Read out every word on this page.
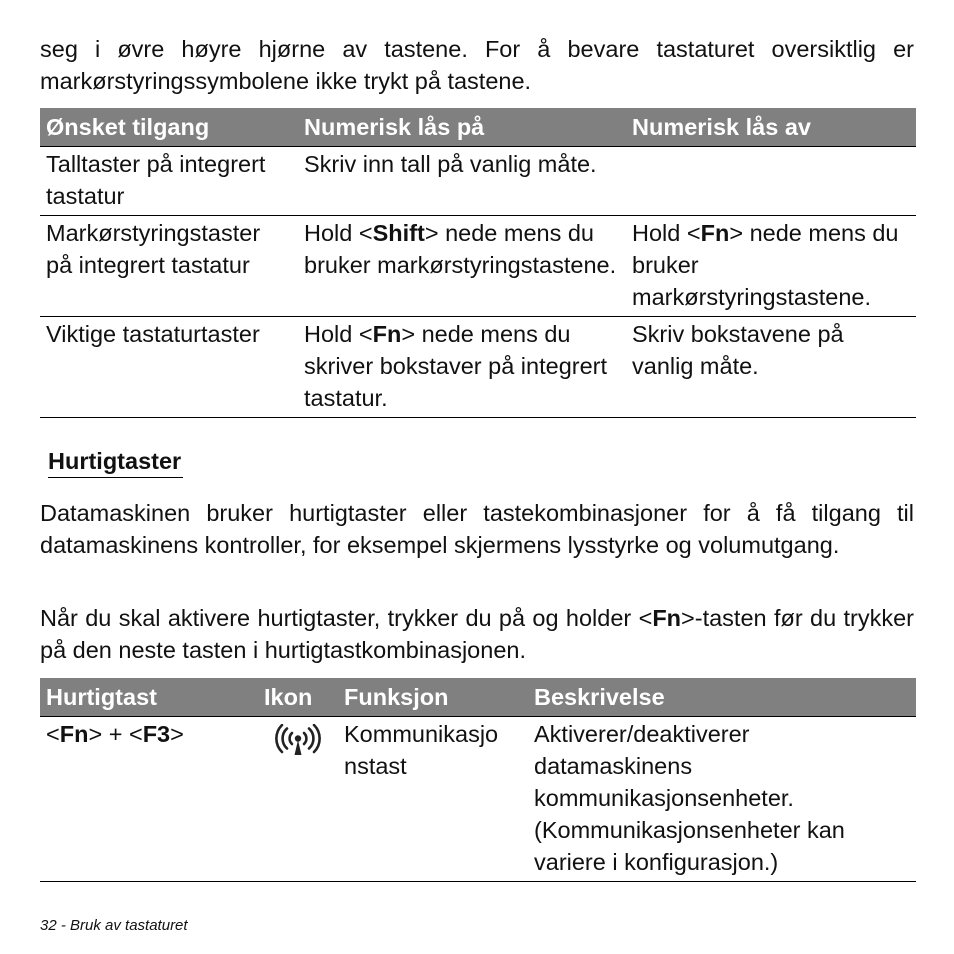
seg i øvre høyre hjørne av tastene. For å bevare tastaturet oversiktlig er
markørstyringssymbolene ikke trykt på tastene.
Ønsket tilgang	Numerisk lås på	Numerisk lås av
Talltaster på integrert tastatur	Skriv inn tall på vanlig måte.	
Markørstyringstaster på integrert tastatur	Hold <Shift> nede mens du bruker markørstyringstastene.	Hold <Fn> nede mens du bruker markørstyringstastene.
Viktige tastaturtaster	Hold <Fn> nede mens du skriver bokstaver på integrert tastatur.	Skriv bokstavene på vanlig måte.
Hurtigtaster

Datamaskinen bruker hurtigtaster eller tastekombinasjoner for å få tilgang til datamaskinens kontroller, for eksempel skjermens lysstyrke og volumutgang.

Når du skal aktivere hurtigtaster, trykker du på og holder <Fn>-tasten før du trykker på den neste tasten i hurtigtastkombinasjonen.

Hurtigtast	Ikon	Funksjon	Beskrivelse
<Fn> + <F3>		Kommunikasjo nstast	Aktiverer/deaktiverer datamaskinens kommunikasjonsenheter. (Kommunikasjonsenheter kan variere i konfigurasjon.)
32 - Bruk av tastaturet
